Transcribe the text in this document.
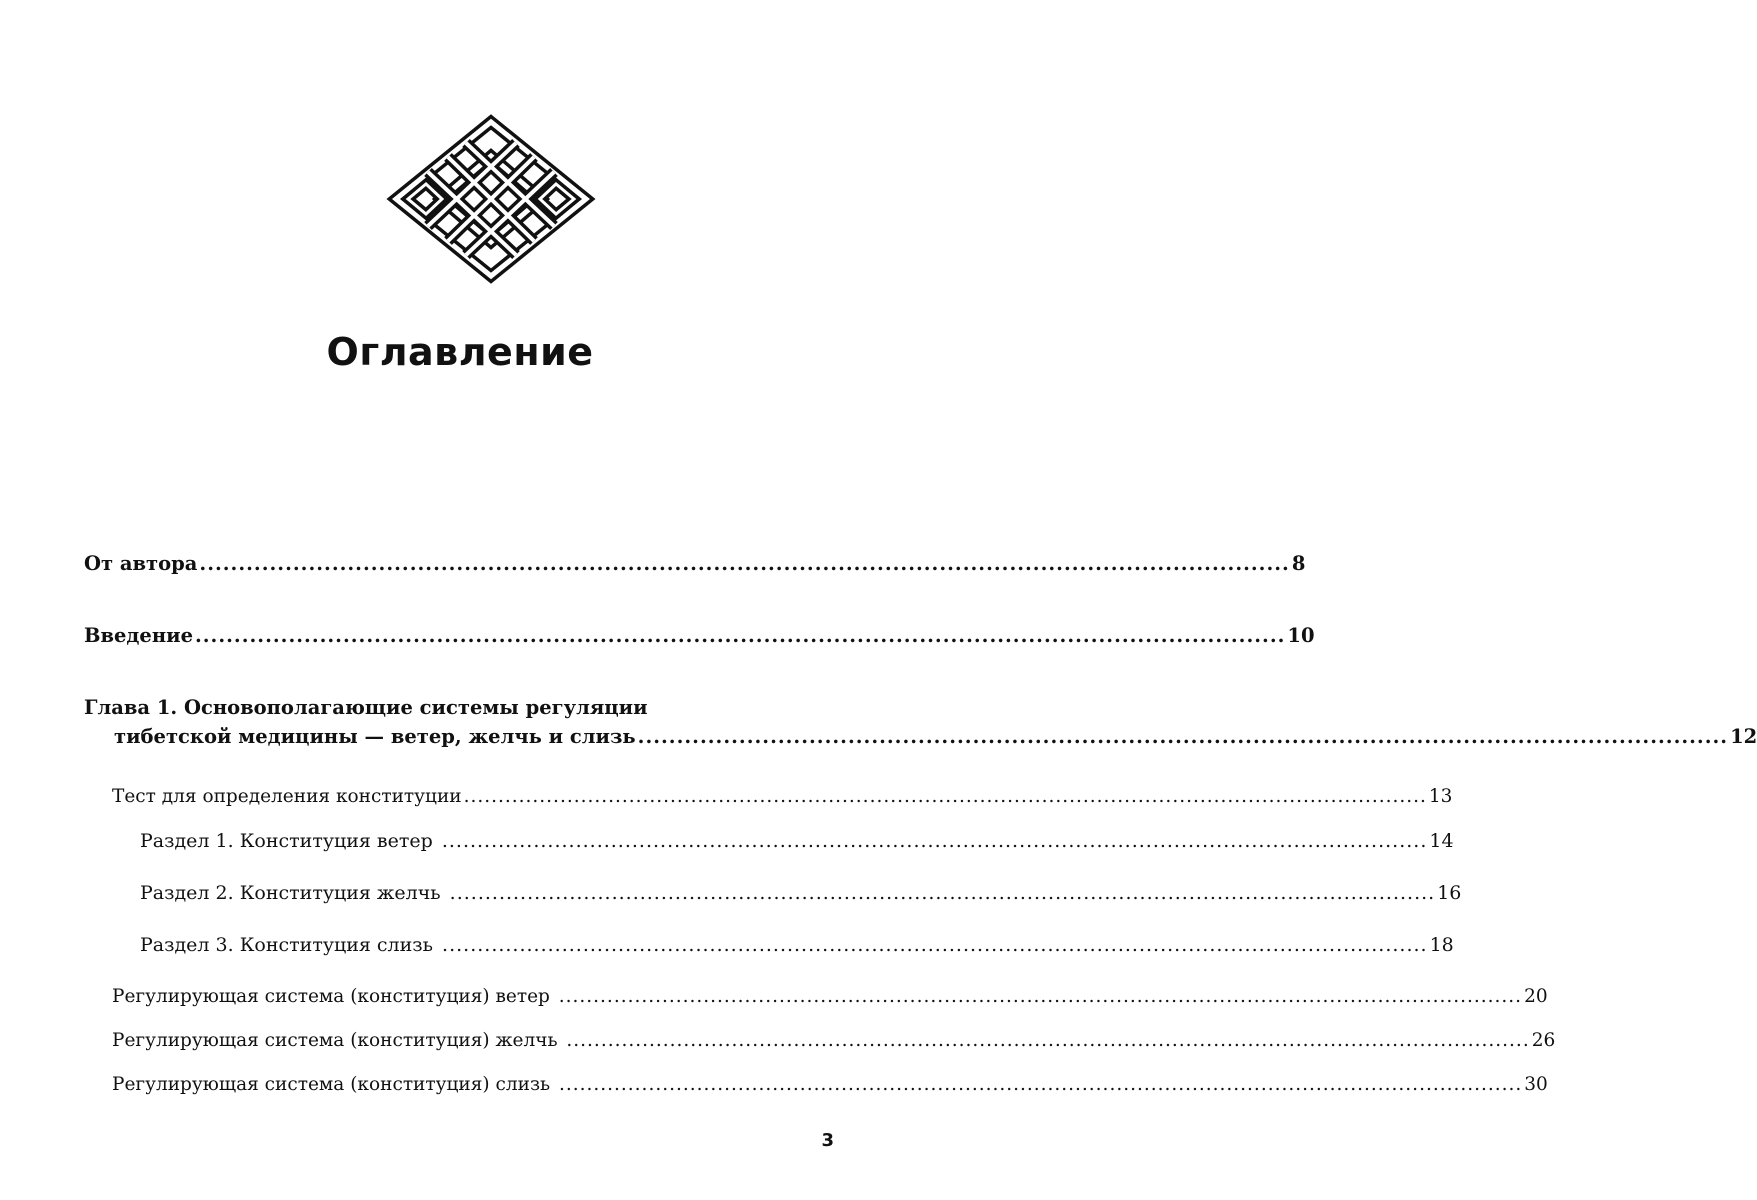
Оглавление
От автора ............................................................................................................................................ 8
Введение ............................................................................................................................................ 10
Глава 1. Основополагающие системы регуляции
тибетской медицины — ветер, желчь и слизь ............................................................................................................................................ 12
Тест для определения конституции ............................................................................................................................................ 13
Раздел 1. Конституция ветер ............................................................................................................................................ 14
Раздел 2. Конституция желчь ............................................................................................................................................ 16
Раздел 3. Конституция слизь ............................................................................................................................................ 18
Регулирующая система (конституция) ветер ............................................................................................................................................ 20
Регулирующая система (конституция) желчь ............................................................................................................................................ 26
Регулирующая система (конституция) слизь ............................................................................................................................................ 30
3
